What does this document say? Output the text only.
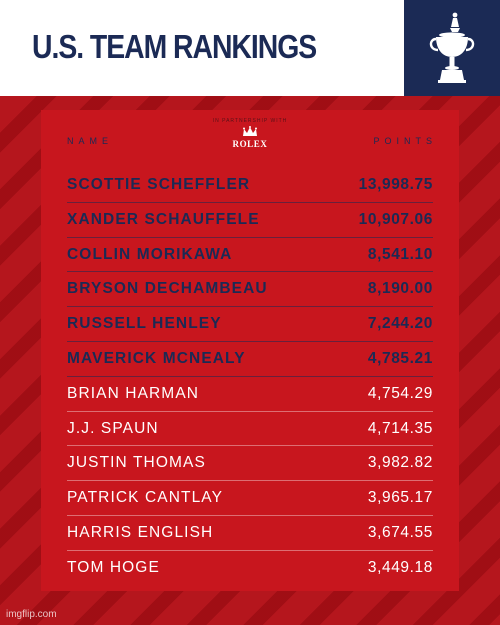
U.S. TEAM RANKINGS
IN PARTNERSHIP WITH
ROLEX
NAME	POINTS
SCOTTIE SCHEFFLER	13,998.75
XANDER SCHAUFFELE	10,907.06
COLLIN MORIKAWA	8,541.10
BRYSON DECHAMBEAU	8,190.00
RUSSELL HENLEY	7,244.20
MAVERICK MCNEALY	4,785.21
BRIAN HARMAN	4,754.29
J.J. SPAUN	4,714.35
JUSTIN THOMAS	3,982.82
PATRICK CANTLAY	3,965.17
HARRIS ENGLISH	3,674.55
TOM HOGE	3,449.18
imgflip.com
